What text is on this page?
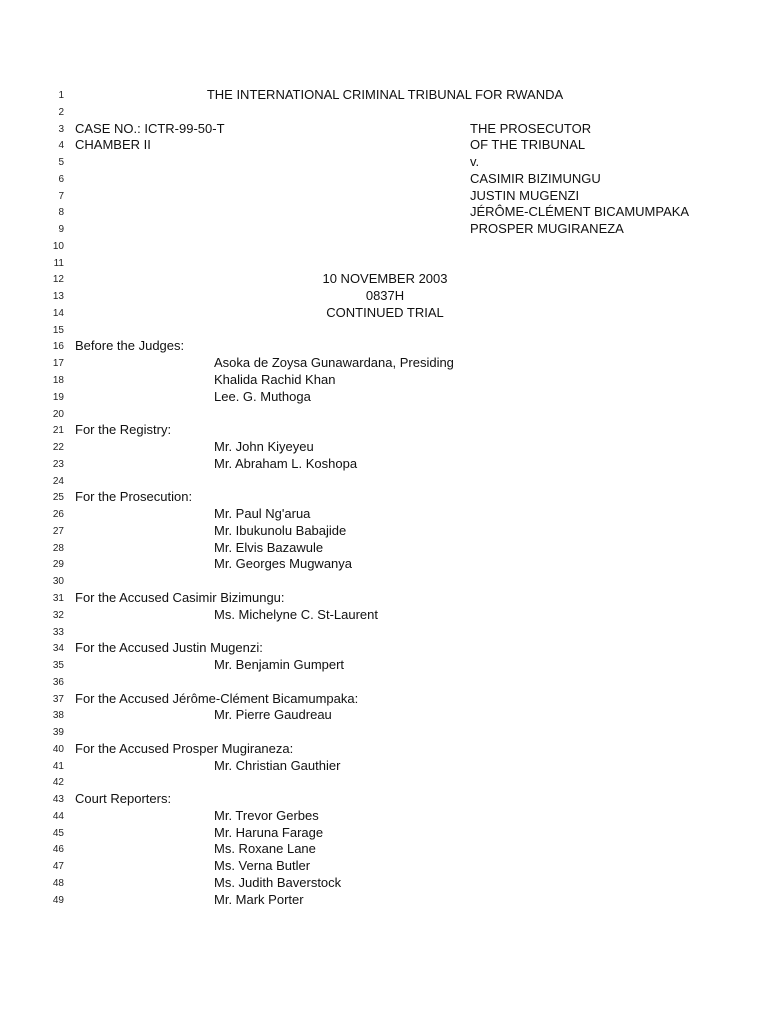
1	THE INTERNATIONAL CRIMINAL TRIBUNAL FOR RWANDA
2
3 CASE NO.: ICTR-99-50-T	THE PROSECUTOR
4 CHAMBER II	OF THE TRIBUNAL
5	v.
6	CASIMIR BIZIMUNGU
7	JUSTIN MUGENZI
8	JÉRÔME-CLÉMENT BICAMUMPAKA
9	PROSPER MUGIRANEZA
10
11
12	10 NOVEMBER 2003
13	0837H
14	CONTINUED TRIAL
15
16 Before the Judges:
17	Asoka de Zoysa Gunawardana, Presiding
18	Khalida Rachid Khan
19	Lee. G. Muthoga
20
21 For the Registry:
22	Mr. John Kiyeyeu
23	Mr. Abraham L. Koshopa
24
25 For the Prosecution:
26	Mr. Paul Ng'arua
27	Mr. Ibukunolu Babajide
28	Mr. Elvis Bazawule
29	Mr. Georges Mugwanya
30
31 For the Accused Casimir Bizimungu:
32	Ms. Michelyne C. St-Laurent
33
34 For the Accused Justin Mugenzi:
35	Mr. Benjamin Gumpert
36
37 For the Accused Jérôme-Clément Bicamumpaka:
38	Mr. Pierre Gaudreau
39
40 For the Accused Prosper Mugiraneza:
41	Mr. Christian Gauthier
42
43 Court Reporters:
44	Mr. Trevor Gerbes
45	Mr. Haruna Farage
46	Ms. Roxane Lane
47	Ms. Verna Butler
48	Ms. Judith Baverstock
49	Mr. Mark Porter
